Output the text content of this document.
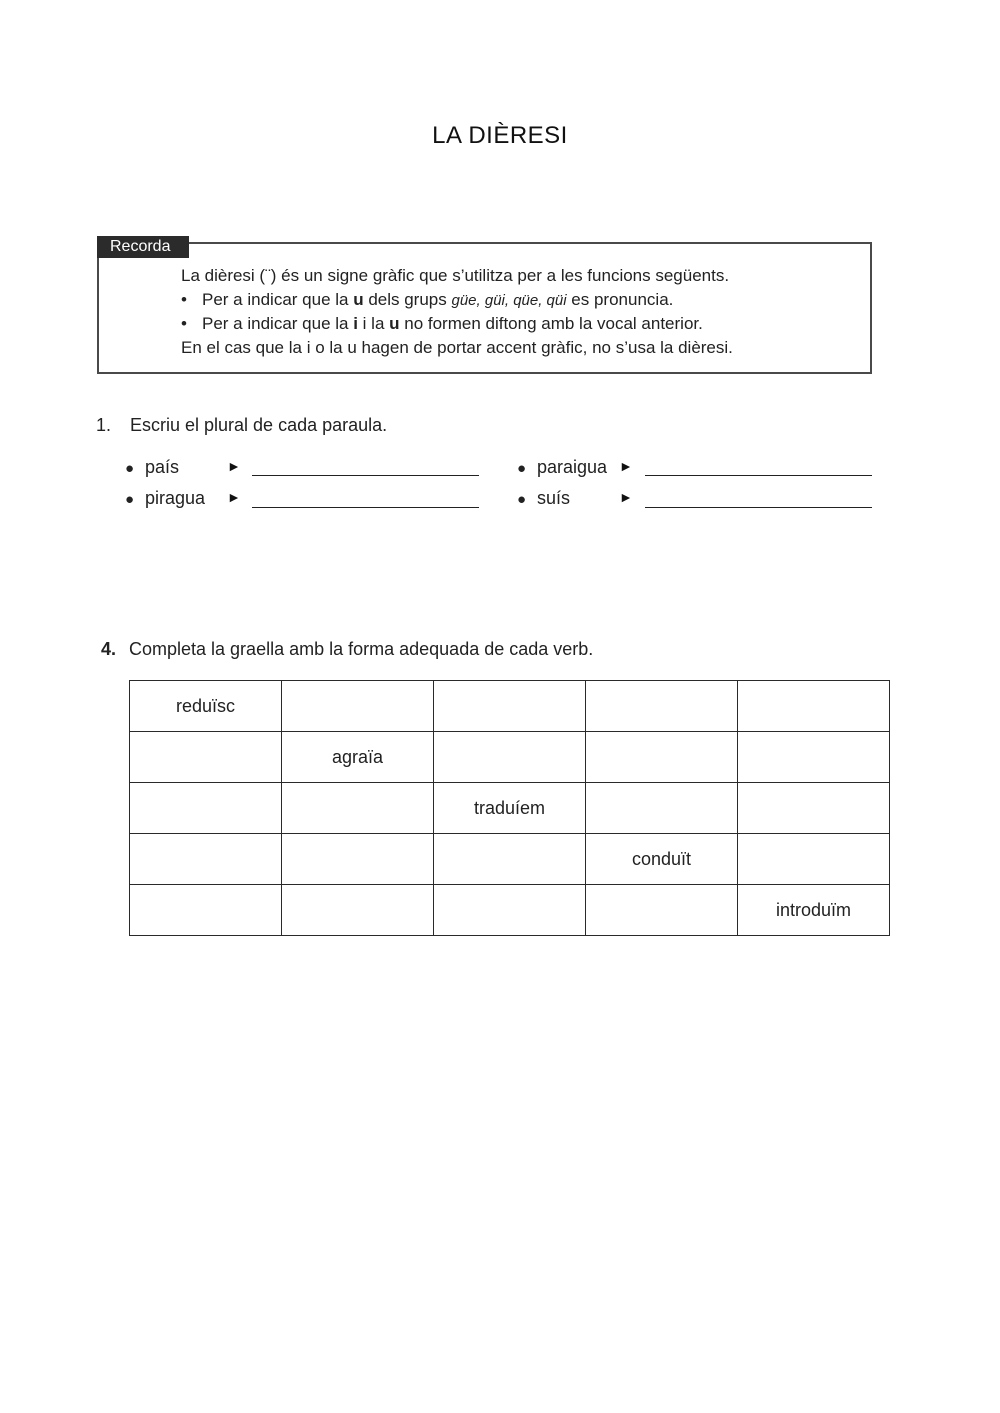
LA DIÈRESI
Recorda
La dièresi (¨) és un signe gràfic que s’utilitza per a les funcions següents.
• Per a indicar que la u dels grups güe, güi, qüe, qüi es pronuncia.
• Per a indicar que la i i la u no formen diftong amb la vocal anterior.
En el cas que la i o la u hagen de portar accent gràfic, no s’usa la dièresi.
1. Escriu el plural de cada paraula.
● país	►
● piragua ►
● paraigua ►
● suís	►
4. Completa la graella amb la forma adequada de cada verb.
reduïsc				
	agraïa			
		traduíem		
			conduït	
				introduïm
